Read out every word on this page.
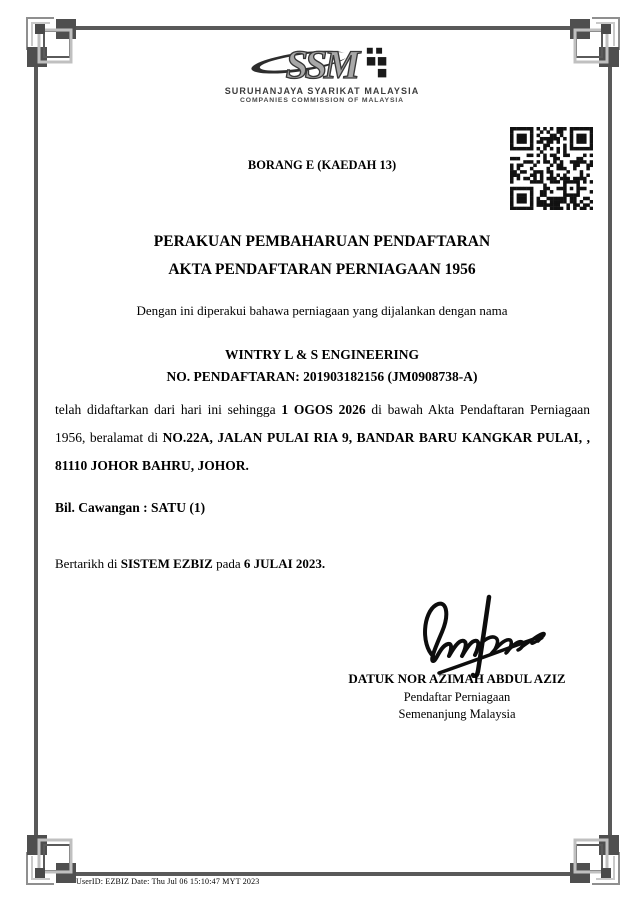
SSM
SURUHANJAYA SYARIKAT MALAYSIA
COMPANIES COMMISSION OF MALAYSIA
BORANG E (KAEDAH 13)
PERAKUAN PEMBAHARUAN PENDAFTARAN
AKTA PENDAFTARAN PERNIAGAAN 1956
Dengan ini diperakui bahawa perniagaan yang dijalankan dengan nama
WINTRY L & S ENGINEERING
NO. PENDAFTARAN: 201903182156 (JM0908738-A)

telah didaftarkan dari hari ini sehingga 1 OGOS 2026 di bawah Akta Pendaftaran Perniagaan 1956, beralamat di NO.22A, JALAN PULAI RIA 9, BANDAR BARU KANGKAR PULAI, , 81110 JOHOR BAHRU, JOHOR.

Bil. Cawangan : SATU (1)
Bertarikh di SISTEM EZBIZ pada 6 JULAI 2023.
DATUK NOR AZIMAH ABDUL AZIZ
Pendaftar Perniagaan
Semenanjung Malaysia
UserID: EZBIZ Date: Thu Jul 06 15:10:47 MYT 2023
